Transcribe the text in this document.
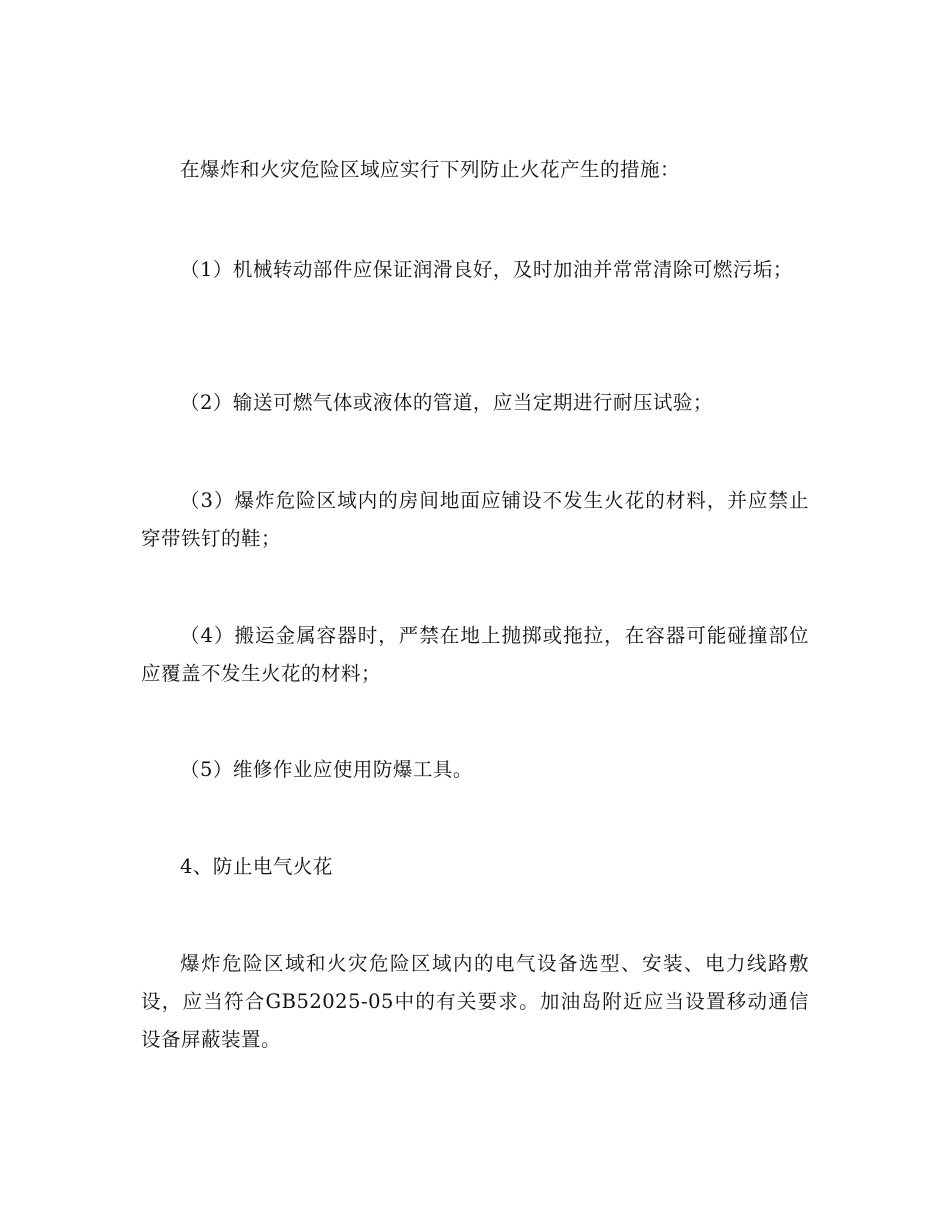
在爆炸和火灾危险区域应实行下列防止火花产生的措施：

（1）机械转动部件应保证润滑良好，及时加油并常常清除可燃污垢；

（2）输送可燃气体或液体的管道，应当定期进行耐压试验；

（3）爆炸危险区域内的房间地面应铺设不发生火花的材料，并应禁止穿带铁钉的鞋；

（4）搬运金属容器时，严禁在地上抛掷或拖拉，在容器可能碰撞部位应覆盖不发生火花的材料；

（5）维修作业应使用防爆工具。

4、防止电气火花

爆炸危险区域和火灾危险区域内的电气设备选型、安装、电力线路敷设，应当符合GB52025-05中的有关要求。加油岛附近应当设置移动通信设备屏蔽装置。
